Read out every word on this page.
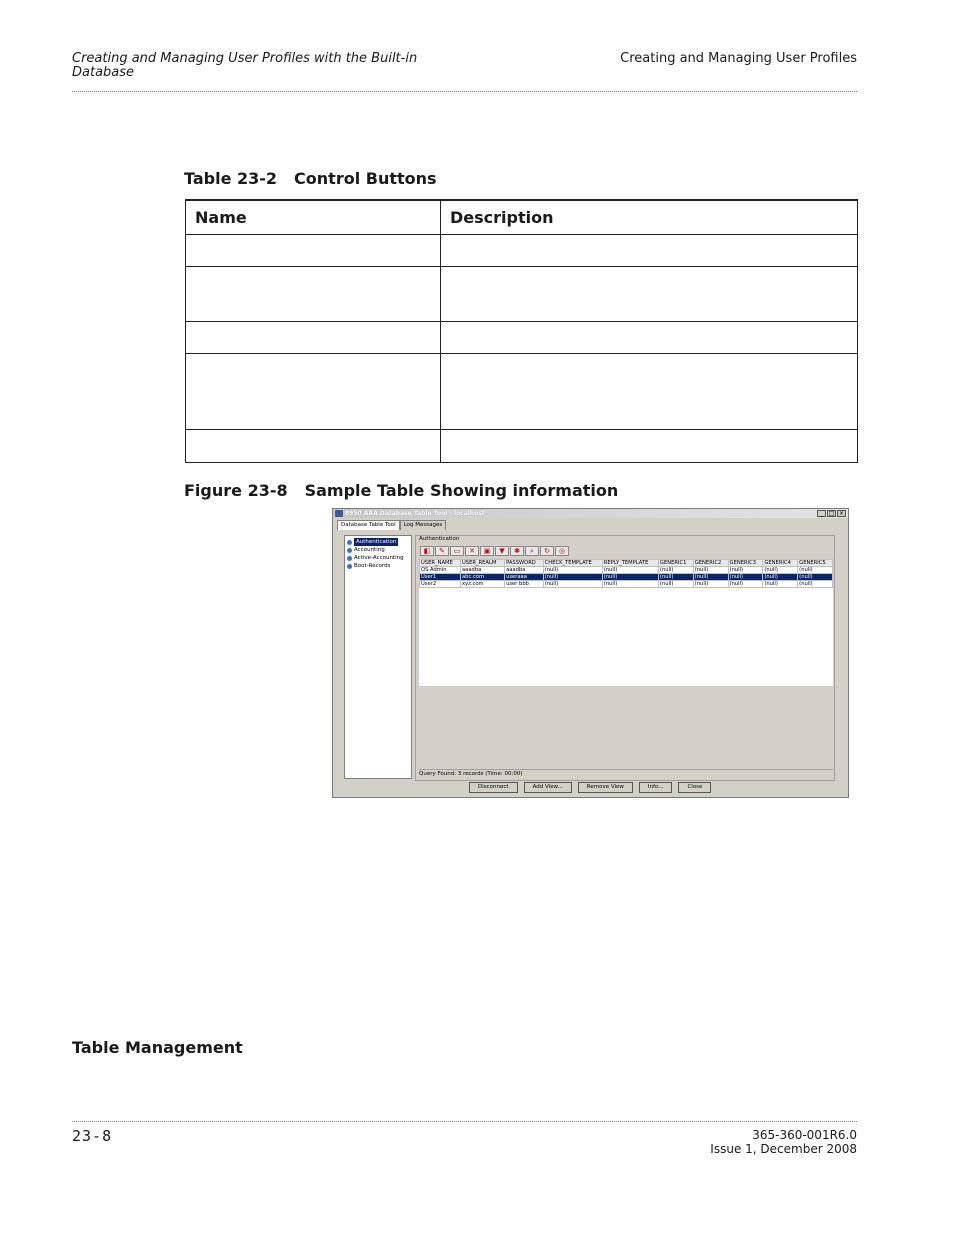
Creating and Managing User Profiles with the Built-in Database
Creating and Managing User Profiles
Table 23-2 Control Buttons
Name	Description

Figure 23-8 Sample Table Showing information
8950 AAA Database Table Tool - localhost	_ □ ×
Database Table Tool	Log Messages
Authentication
Accounting
Active-Accounting
Boot-Records
Authentication
◧	✎	▭	✕	▣	▼	✱	⌕	↻	◎
USER_NAME	USER_REALM	PASSWORD	CHECK_TEMPLATE	REPLY_TEMPLATE	GENERIC1	GENERIC2	GENERIC3	GENERIC4	GENERIC5
OS Admin	aaadba	aaadba	(null)	(null)	(null)	(null)	(null)	(null)	(null)
User1	abc.com	useraaa	(null)	(null)	(null)	(null)	(null)	(null)	(null)
User2	xyz.com	user bbb	(null)	(null)	(null)	(null)	(null)	(null)	(null)

Query Found: 3 records (Time: 00:00)
Disconnect	Add View...	Remove View	Info...	Close
Table Management
23-8	365-360-001R6.0
Issue 1, December 2008
